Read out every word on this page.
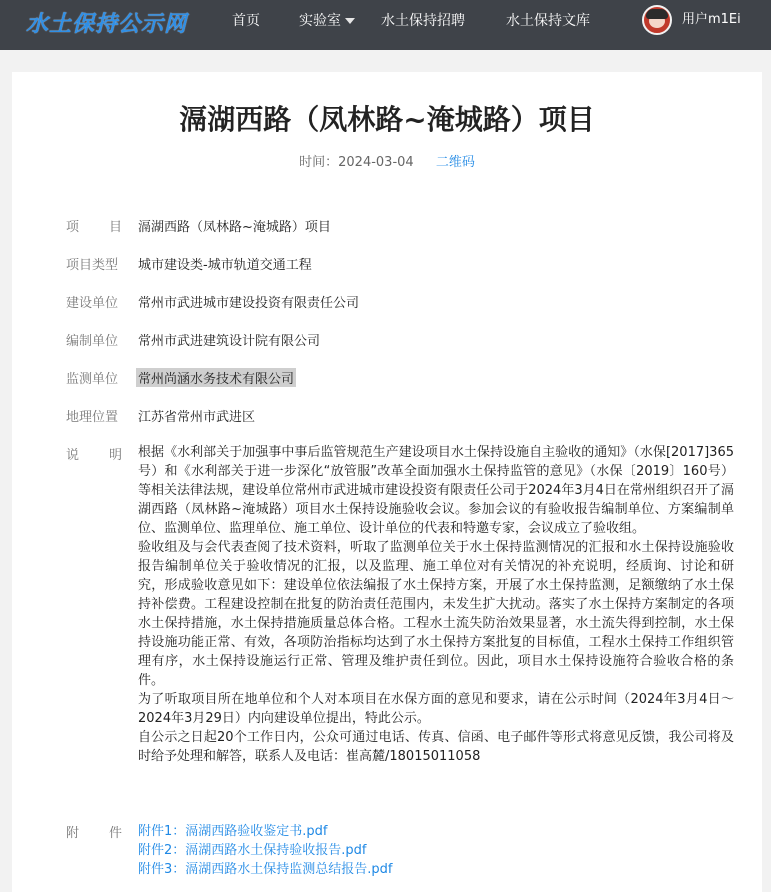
水土保持公示网	首页	实验室	水土保持招聘	水土保持文库	用户m1Ei
滆湖西路（凤林路~淹城路）项目
时间：2024-03-04 二维码
项 目 滆湖西路（凤林路~淹城路）项目
项目类型	城市建设类-城市轨道交通工程
建设单位	常州市武进城市建设投资有限责任公司
编制单位	常州市武进建筑设计院有限公司
监测单位	常州尚涵水务技术有限公司
地理位置	江苏省常州市武进区
说 明 根据《水利部关于加强事中事后监管规范生产建设项目水土保持设施自主验收的通知》（水保[2017]365号）和《水利部关于进一步深化“放管服”改革全面加强水土保持监管的意见》（水保〔2019〕160号）等相关法律法规，建设单位常州市武进城市建设投资有限责任公司于2024年3月4日在常州组织召开了滆湖西路（凤林路~淹城路）项目水土保持设施验收会议。参加会议的有验收报告编制单位、方案编制单位、监测单位、监理单位、施工单位、设计单位的代表和特邀专家，会议成立了验收组。

验收组及与会代表查阅了技术资料，听取了监测单位关于水土保持监测情况的汇报和水土保持设施验收报告编制单位关于验收情况的汇报，以及监理、施工单位对有关情况的补充说明，经质询、讨论和研究，形成验收意见如下：建设单位依法编报了水土保持方案，开展了水土保持监测，足额缴纳了水土保持补偿费。工程建设控制在批复的防治责任范围内，未发生扩大扰动。落实了水土保持方案制定的各项水土保持措施，水土保持措施质量总体合格。工程水土流失防治效果显著，水土流失得到控制，水土保持设施功能正常、有效，各项防治指标均达到了水土保持方案批复的目标值，工程水土保持工作组织管理有序，水土保持设施运行正常、管理及维护责任到位。因此，项目水土保持设施符合验收合格的条件。

为了听取项目所在地单位和个人对本项目在水保方面的意见和要求，请在公示时间（2024年3月4日～2024年3月29日）内向建设单位提出，特此公示。

自公示之日起20个工作日内，公众可通过电话、传真、信函、电子邮件等形式将意见反馈，我公司将及时给予处理和解答，联系人及电话：崔高麓/18015011058

附 件 附件1：滆湖西路验收鉴定书.pdf
附件2：滆湖西路水土保持验收报告.pdf
附件3：滆湖西路水土保持监测总结报告.pdf
